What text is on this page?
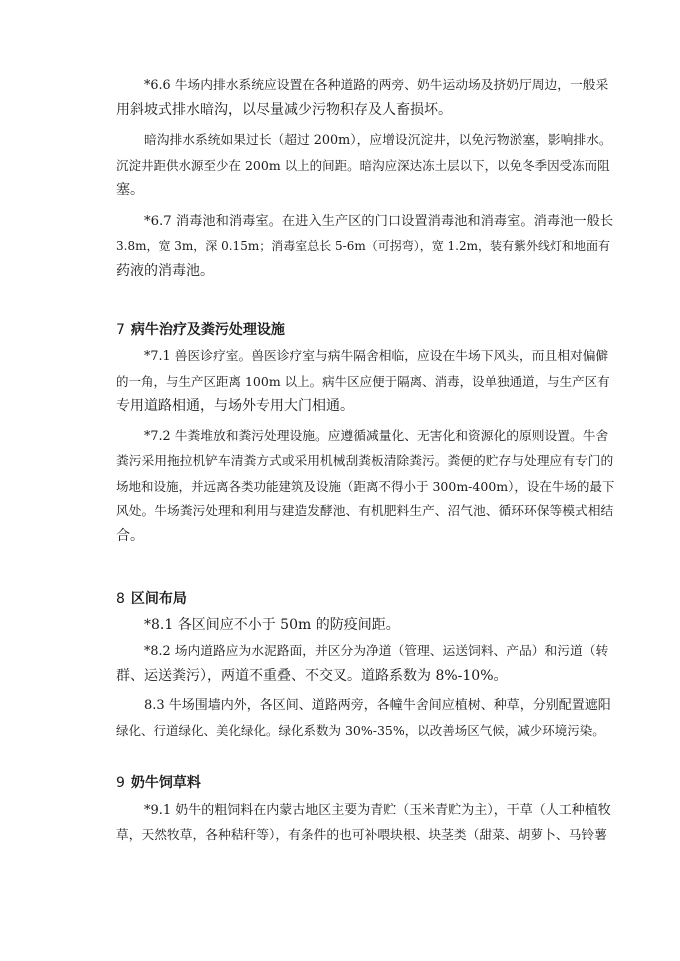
*6.6 牛场内排水系统应设置在各种道路的两旁、奶牛运动场及挤奶厅周边，一般采
用斜坡式排水暗沟，以尽量减少污物积存及人畜损坏。
暗沟排水系统如果过长（超过 200m），应增设沉淀井，以免污物淤塞，影响排水。
沉淀井距供水源至少在 200m 以上的间距。暗沟应深达冻土层以下，以免冬季因受冻而阻
塞。
*6.7 消毒池和消毒室。在进入生产区的门口设置消毒池和消毒室。消毒池一般长
3.8m，宽 3m，深 0.15m；消毒室总长 5-6m（可拐弯），宽 1.2m，装有紫外线灯和地面有
药液的消毒池。
7 病牛治疗及粪污处理设施
*7.1 兽医诊疗室。兽医诊疗室与病牛隔舍相临，应设在牛场下风头，而且相对偏僻
的一角，与生产区距离 100m 以上。病牛区应便于隔离、消毒，设单独通道，与生产区有
专用道路相通，与场外专用大门相通。
*7.2 牛粪堆放和粪污处理设施。应遵循减量化、无害化和资源化的原则设置。牛舍
粪污采用拖拉机铲车清粪方式或采用机械刮粪板清除粪污。粪便的贮存与处理应有专门的
场地和设施，并远离各类功能建筑及设施（距离不得小于 300m-400m），设在牛场的最下
风处。牛场粪污处理和利用与建造发酵池、有机肥料生产、沼气池、循环环保等模式相结
合。
8 区间布局
*8.1 各区间应不小于 50m 的防疫间距。
*8.2 场内道路应为水泥路面，并区分为净道（管理、运送饲料、产品）和污道（转
群、运送粪污），两道不重叠、不交叉。道路系数为 8%-10%。
8.3 牛场围墙内外，各区间、道路两旁，各幢牛舍间应植树、种草，分别配置遮阳
绿化、行道绿化、美化绿化。绿化系数为 30%-35%，以改善场区气候，减少环境污染。
9 奶牛饲草料
*9.1 奶牛的粗饲料在内蒙古地区主要为青贮（玉米青贮为主），干草（人工种植牧
草，天然牧草，各种秸秆等），有条件的也可补喂块根、块茎类（甜菜、胡萝卜、马铃薯
